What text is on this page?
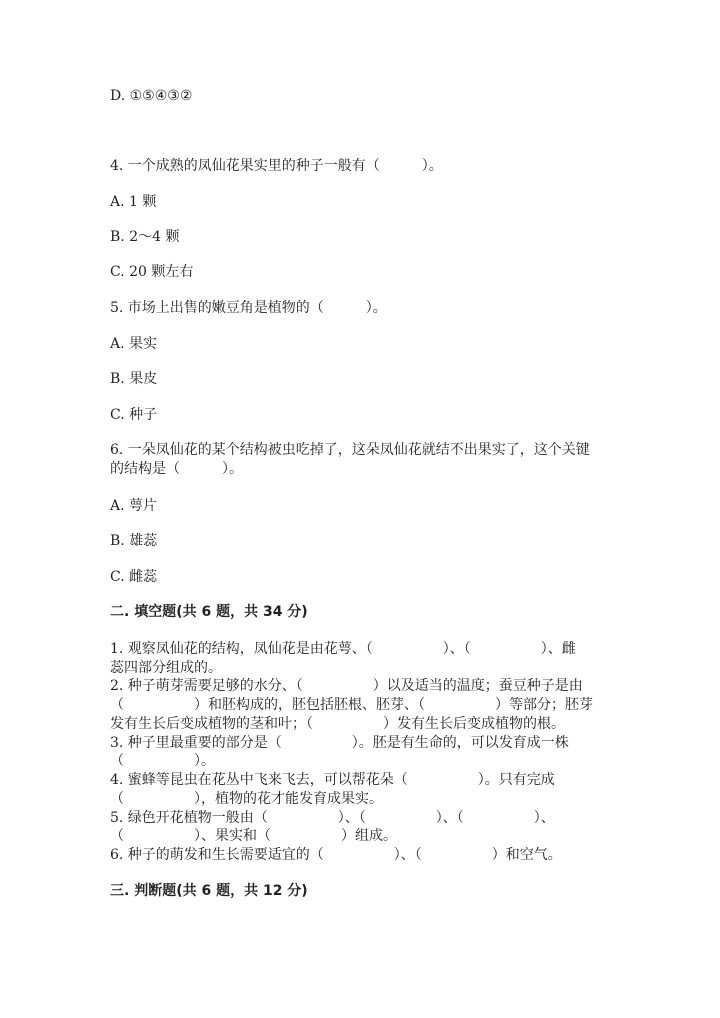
D. ①⑤④③②

4. 一个成熟的凤仙花果实里的种子一般有（　　　）。

A. 1 颗

B. 2～4 颗

C. 20 颗左右

5. 市场上出售的嫩豆角是植物的（　　　）。

A. 果实

B. 果皮

C. 种子

6. 一朵凤仙花的某个结构被虫吃掉了，这朵凤仙花就结不出果实了，这个关键

的结构是（　　　）。

A. 萼片

B. 雄蕊

C. 雌蕊

二. 填空题(共 6 题，共 34 分)

1. 观察凤仙花的结构，凤仙花是由花萼、（　　　　　）、（　　　　　）、雌

蕊四部分组成的。

2. 种子萌芽需要足够的水分、（　　　　　）以及适当的温度；蚕豆种子是由

（　　　　　）和胚构成的，胚包括胚根、胚芽、（　　　　　）等部分；胚芽

发有生长后变成植物的茎和叶；（　　　　　）发有生长后变成植物的根。

3. 种子里最重要的部分是（　　　　　）。胚是有生命的，可以发育成一株

（　　　　　）。

4. 蜜蜂等昆虫在花丛中飞来飞去，可以帮花朵（　　　　　）。只有完成

（　　　　　），植物的花才能发育成果实。

5. 绿色开花植物一般由（　　　　　）、（　　　　　）、（　　　　　）、

（　　　　　）、果实和（　　　　　）组成。

6. 种子的萌发和生长需要适宜的（　　　　　）、（　　　　　）和空气。

三. 判断题(共 6 题，共 12 分)
